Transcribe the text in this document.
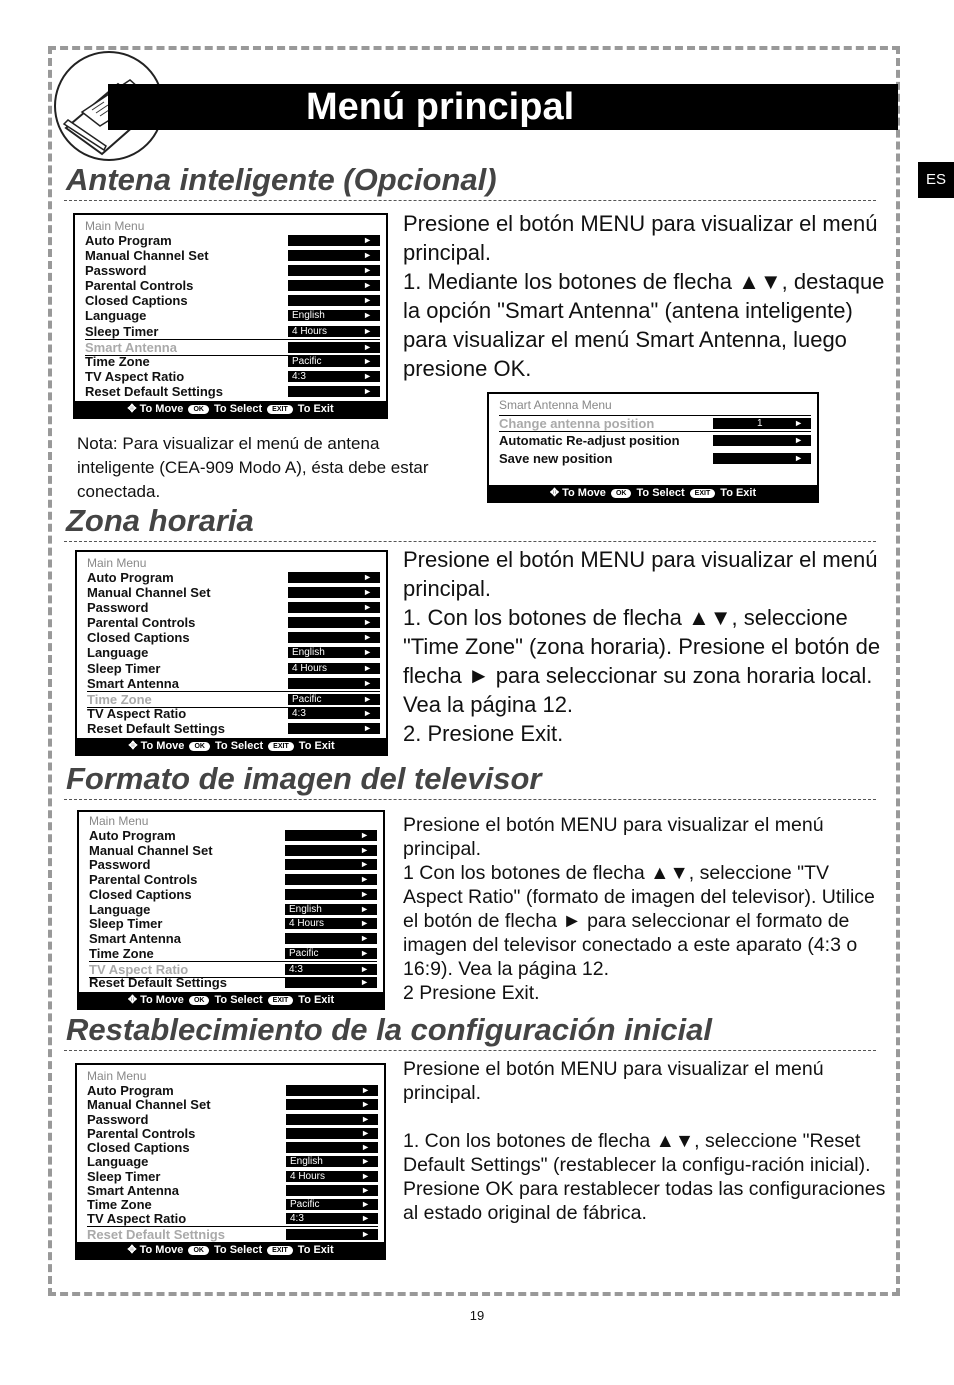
Menú principal
ES
Antena inteligente (Opcional)
Main Menu
Auto Program	►
Manual Channel Set	►
Password	►
Parental Controls	►
Closed Captions	►
Language	English	►
Sleep Timer	4 Hours	►
Smart Antenna	►
Time Zone	Pacific	►
TV Aspect Ratio	4:3	►
Reset Default Settings	►
✥ To Move OK To Select EXIT To Exit

Presione el botón MENU para visualizar el menú principal.

1. Mediante los botones de flecha ▲▼, destaque la opción "Smart Antenna" (antena inteligente) para visualizar el menú Smart Antenna, luego presione OK.

Nota: Para visualizar el menú de antena inteligente (CEA-909 Modo A), ésta debe estar conectada.
Smart Antenna Menu
Change antenna position	1	►
Automatic Re-adjust position	►
Save new position	►
✥ To Move OK To Select EXIT To Exit
Zona horaria
Main Menu
Auto Program	►
Manual Channel Set	►
Password	►
Parental Controls	►
Closed Captions	►
Language	English	►
Sleep Timer	4 Hours	►
Smart Antenna	►
Time Zone	Pacific	►
TV Aspect Ratio	4:3	►
Reset Default Settings	►
✥ To Move OK To Select EXIT To Exit

Presione el botón MENU para visualizar el menú principal.

1. Con los botones de flecha ▲▼, seleccione "Time Zone" (zona horaria). Presione el botón de flecha ► para seleccionar su zona horaria local. Vea la página 12.

2. Presione Exit.

Formato de imagen del televisor
Main Menu
Auto Program	►
Manual Channel Set	►
Password	►
Parental Controls	►
Closed Captions	►
Language	English	►
Sleep Timer	4 Hours	►
Smart Antenna	►
Time Zone	Pacific	►
TV Aspect Ratio	4:3	►
Reset Default Settings	►
✥ To Move OK To Select EXIT To Exit

Presione el botón MENU para visualizar el menú principal.

1 Con los botones de flecha ▲▼, seleccione "TV Aspect Ratio" (formato de imagen del televisor). Utilice el botón de flecha ► para seleccionar el formato de imagen del televisor conectado a este aparato (4:3 o 16:9). Vea la página 12.

2 Presione Exit.

Restablecimiento de la configuración inicial
Main Menu
Auto Program	►
Manual Channel Set	►
Password	►
Parental Controls	►
Closed Captions	►
Language	English	►
Sleep Timer	4 Hours	►
Smart Antenna	►
Time Zone	Pacific	►
TV Aspect Ratio	4:3	►
Reset Default Settnigs	►
✥ To Move OK To Select EXIT To Exit

Presione el botón MENU para visualizar el menú principal.

1. Con los botones de flecha ▲▼, seleccione "Reset Default Settings" (restablecer la configu-ración inicial). Presione OK para restablecer todas las configuraciones al estado original de fábrica.

19
